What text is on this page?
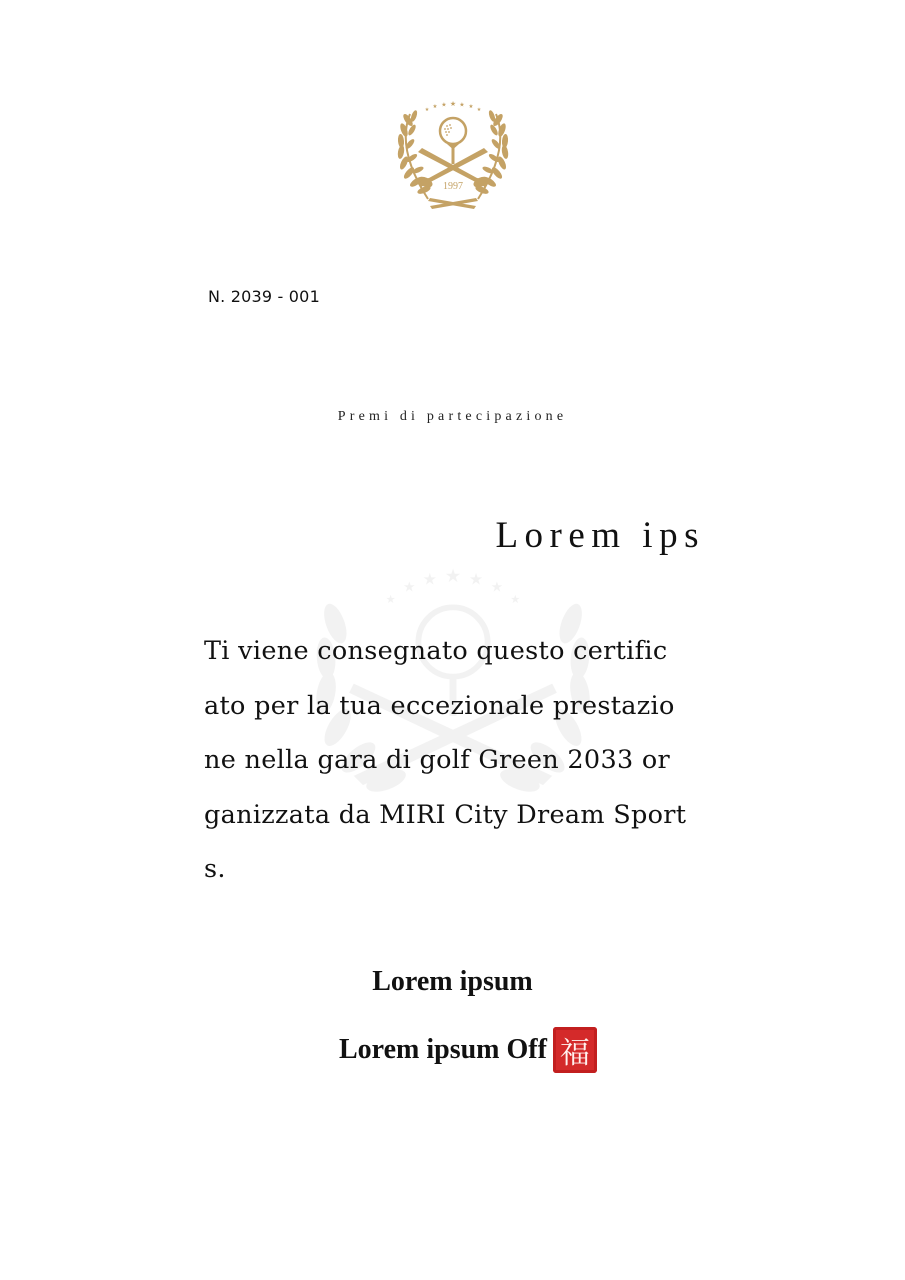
★
★	★
★	★
★	★
★
★ ★
★	★
★	★
1997
N. 2039 - 001
Premi di partecipazione
Lorem ips
Ti viene consegnato questo certific
ato per la tua eccezionale prestazio
ne nella gara di golf Green 2033 or
ganizzata da MIRI City Dream Sport
s.
Lorem ipsum
Lorem ipsum Off 福
